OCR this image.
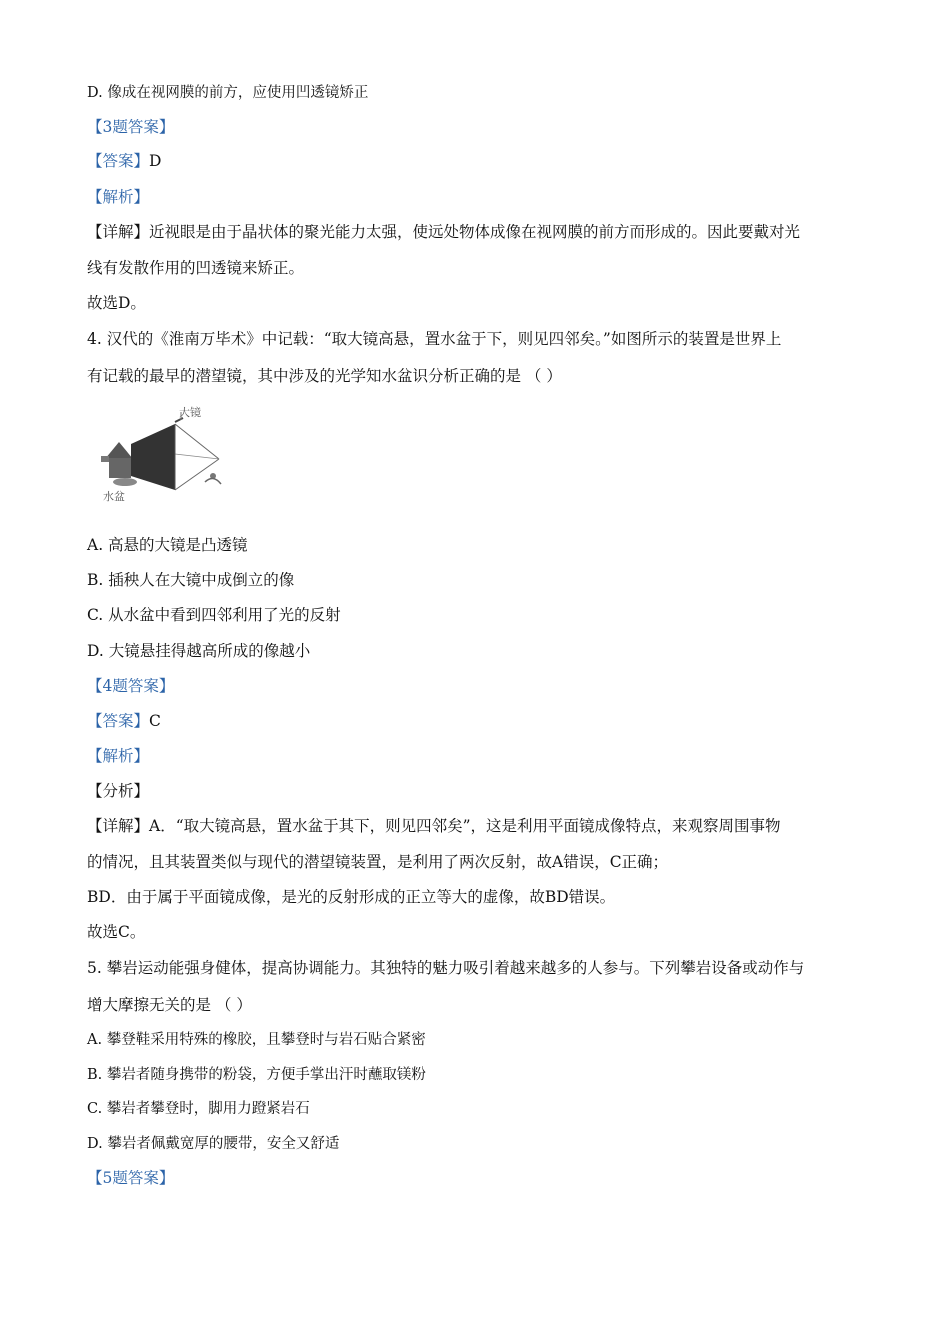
D. 像成在视网膜的前方，应使用凹透镜矫正
【3题答案】
【答案】D
【解析】
【详解】近视眼是由于晶状体的聚光能力太强，使远处物体成像在视网膜的前方而形成的。因此要戴对光
线有发散作用的凹透镜来矫正。
故选D。
4. 汉代的《淮南万毕术》中记载：“取大镜高悬，置水盆于下，则见四邻矣。”如图所示的装置是世界上
有记载的最早的潜望镜，其中涉及的光学知水盆识分析正确的是 （ ）
大镜
水盆
A. 高悬的大镜是凸透镜
B. 插秧人在大镜中成倒立的像
C. 从水盆中看到四邻利用了光的反射
D. 大镜悬挂得越高所成的像越小
【4题答案】
【答案】C
【解析】
【分析】
【详解】A．“取大镜高悬，置水盆于其下，则见四邻矣”，这是利用平面镜成像特点，来观察周围事物
的情况，且其装置类似与现代的潜望镜装置，是利用了两次反射，故A错误，C正确；
BD．由于属于平面镜成像，是光的反射形成的正立等大的虚像，故BD错误。
故选C。
5. 攀岩运动能强身健体，提高协调能力。其独特的魅力吸引着越来越多的人参与。下列攀岩设备或动作与
增大摩擦无关的是 （ ）
A. 攀登鞋采用特殊的橡胶，且攀登时与岩石贴合紧密
B. 攀岩者随身携带的粉袋，方便手掌出汗时蘸取镁粉
C. 攀岩者攀登时，脚用力蹬紧岩石
D. 攀岩者佩戴宽厚的腰带，安全又舒适
【5题答案】
